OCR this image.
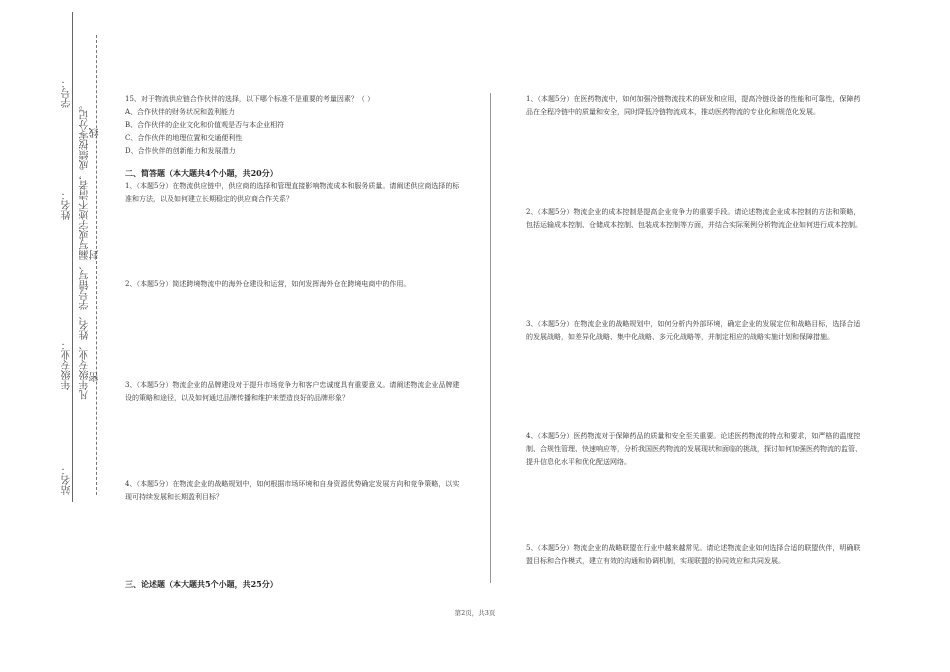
学号：
姓名：
年级专业：
站名：
凡年级专业、姓名、学号错写、漏写或字迹不清者，成绩按零分记。 密
封
线

15、对于物流供应链合作伙伴的选择，以下哪个标准不是重要的考量因素？（ ）

A、合作伙伴的财务状况和盈利能力

B、合作伙伴的企业文化和价值观是否与本企业相符

C、合作伙伴的地理位置和交通便利性

D、合作伙伴的创新能力和发展潜力

二、简答题（本大题共4个小题，共20分）
1、（本题5分）在物流供应链中，供应商的选择和管理直接影响物流成本和服务质量。请阐述供应商选择的标准和方法，以及如何建立长期稳定的供应商合作关系？
2、（本题5分）简述跨境物流中的海外仓建设和运营，如何发挥海外仓在跨境电商中的作用。
3、（本题5分）物流企业的品牌建设对于提升市场竞争力和客户忠诚度具有重要意义。请阐述物流企业品牌建设的策略和途径，以及如何通过品牌传播和维护来塑造良好的品牌形象？
4、（本题5分）在物流企业的战略规划中，如何根据市场环境和自身资源优势确定发展方向和竞争策略，以实现可持续发展和长期盈利目标？
三、论述题（本大题共5个小题，共25分）
1、（本题5分）在医药物流中，如何加强冷链物流技术的研发和应用，提高冷链设备的性能和可靠性，保障药品在全程冷链中的质量和安全，同时降低冷链物流成本，推动医药物流的专业化和规范化发展。
2、（本题5分）物流企业的成本控制是提高企业竞争力的重要手段。请论述物流企业成本控制的方法和策略，包括运输成本控制、仓储成本控制、包装成本控制等方面，并结合实际案例分析物流企业如何进行成本控制。
3、（本题5分）在物流企业的战略规划中，如何分析内外部环境，确定企业的发展定位和战略目标，选择合适的发展战略，如差异化战略、集中化战略、多元化战略等，并制定相应的战略实施计划和保障措施。
4、（本题5分）医药物流对于保障药品的质量和安全至关重要。论述医药物流的特点和要求，如严格的温度控制、合规性管理、快速响应等，分析我国医药物流的发展现状和面临的挑战，探讨如何加强医药物流的监管、提升信息化水平和优化配送网络。
5、（本题5分）物流企业的战略联盟在行业中越来越常见。请论述物流企业如何选择合适的联盟伙伴，明确联盟目标和合作模式，建立有效的沟通和协调机制，实现联盟的协同效应和共同发展。
第2页，共3页
